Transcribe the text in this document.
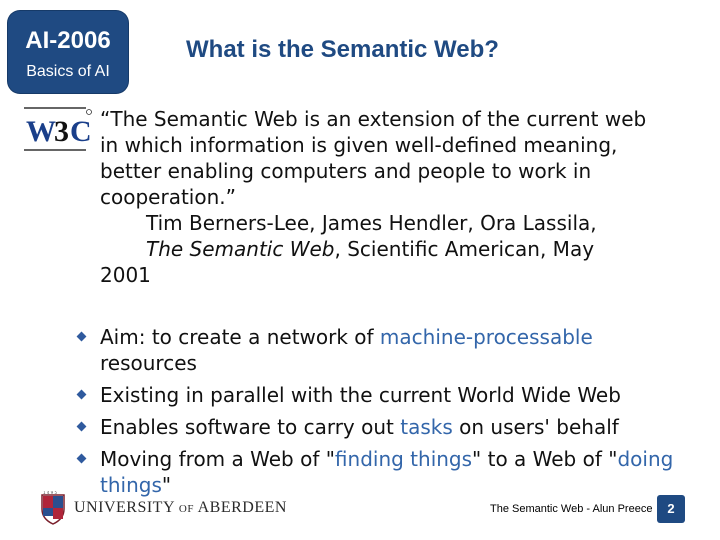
AI-2006
Basics of AI
What is the Semantic Web?
W
3 C “The Semantic Web is an extension of the current web in which information is given well-defined meaning, better enabling computers and people to work in cooperation.”
Tim Berners-Lee, James Hendler, Ora Lassila,
The Semantic Web, Scientific American, May
2001
Aim: to create a network of machine-processable resources
Existing in parallel with the current World Wide Web
Enables software to carry out tasks on users' behalf
Moving from a Web of "finding things" to a Web of "doing things"
1 4 9 5
UNIVERSITY OF ABERDEEN	The Semantic Web - Alun Preece	2
